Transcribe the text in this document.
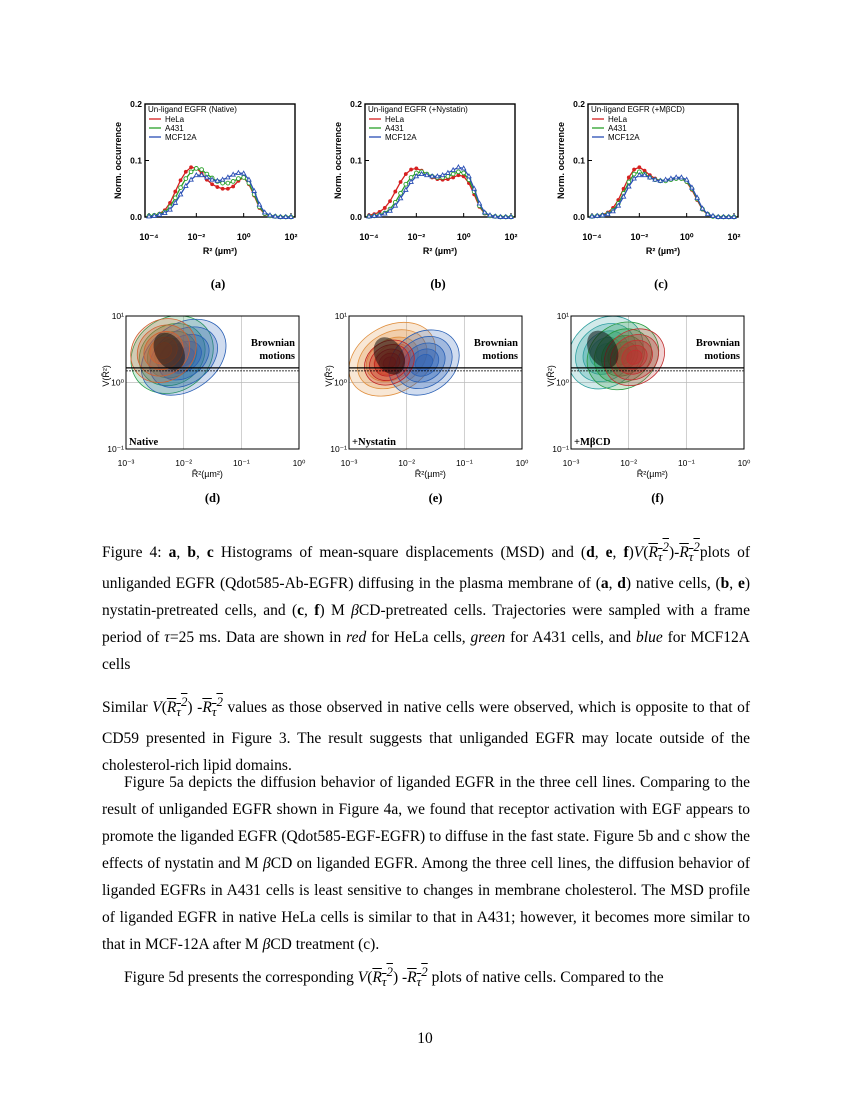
0.0
0.1
0.2
10⁻⁴	10⁻²	10⁰	10²
Norm. occurrence
R² (µm²)
HeLa
A431
MCF12A
Un-ligand EGFR (Native)
(a)
0.0
0.1
0.2
10⁻⁴	10⁻²	10⁰	10²
Norm. occurrence
R² (µm²)
HeLa
A431
MCF12A
Un-ligand EGFR (+Nystatin)
(b)
0.0
0.1
0.2
10⁻⁴	10⁻²	10⁰	10²
Norm. occurrence
R² (µm²)
HeLa
A431
MCF12A
Un-ligand EGFR (+MβCD)
(c)
Brownian
motions
Native
10⁻¹
10⁰
10¹
10⁻³	10⁻²	10⁻¹	10⁰
V(R̄²)
R̄²(µm²)
(d)
Brownian
motions
+Nystatin
10⁻¹
10⁰
10¹
10⁻³	10⁻²	10⁻¹	10⁰
V(R̄²)
R̄²(µm²)
(e)
Brownian
motions
+MβCD
10⁻¹
10⁰
10¹
10⁻³	10⁻²	10⁻¹	10⁰
V(R̄²)
R̄²(µm²)
(f)
Figure 4: a, b, c Histograms of mean-square displacements (MSD) and (d, e, $f)V(R_\tau^2)-R_\tau^2plots$ of unliganded EGFR (Qdot585-Ab-EGFR) diffusing in the plasma membrane of (a, d) native cells, (b, e) nystatin-pretreated cells, and (c, f) M βCD-pretreated cells. Trajectories were sampled with a frame period of τ=25 ms. Data are shown in red for HeLa cells, green for A431 cells, and blue for MCF12A cells

Similar $V(R_\tau^2)$ $-R_\tau^2$ values as those observed in native cells were observed, which is opposite to that of CD59 presented in Figure 3. The result suggests that unliganded EGFR may locate outside of the cholesterol-rich lipid domains.

Figure 5a depicts the diffusion behavior of liganded EGFR in the three cell lines. Comparing to the result of unliganded EGFR shown in Figure 4a, we found that receptor activation with EGF appears to promote the liganded EGFR (Qdot585-EGF-EGFR) to diffuse in the fast state. Figure 5b and c show the effects of nystatin and M βCD on liganded EGFR. Among the three cell lines, the diffusion behavior of liganded EGFRs in A431 cells is least sensitive to changes in membrane cholesterol. The MSD profile of liganded EGFR in native HeLa cells is similar to that in A431; however, it becomes more similar to that in MCF-12A after M βCD treatment (c).

Figure 5d presents the corresponding $V(R_\tau^2)$ $-R_\tau^2$ plots of native cells. Compared to the

10
